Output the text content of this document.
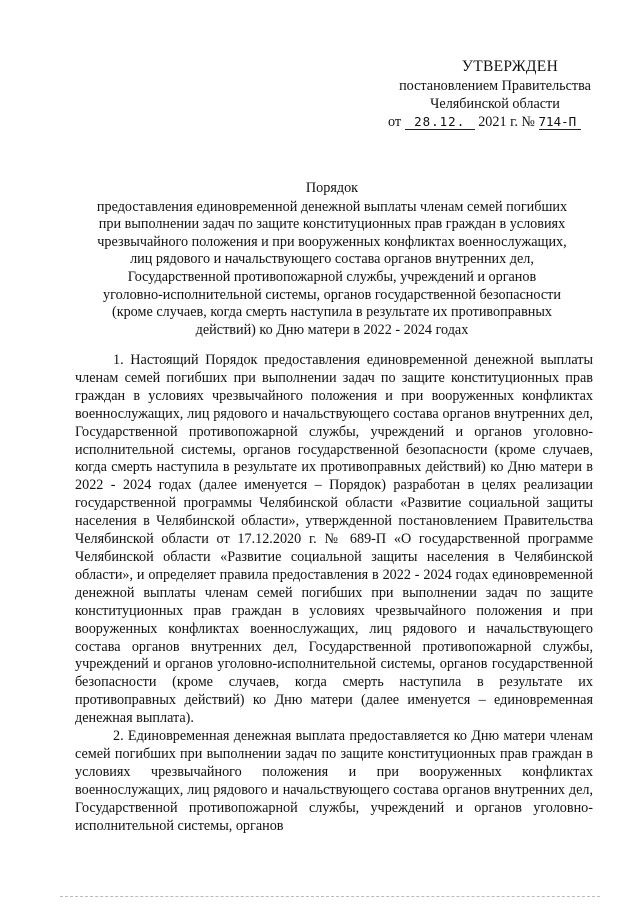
УТВЕРЖДЕН
постановлением Правительства
Челябинской области
от 28.12. 2021 г. № 714-П
Порядок
предоставления единовременной денежной выплаты членам семей погибших
при выполнении задач по защите конституционных прав граждан в условиях
чрезвычайного положения и при вооруженных конфликтах военнослужащих,
лиц рядового и начальствующего состава органов внутренних дел,
Государственной противопожарной службы, учреждений и органов
уголовно-исполнительной системы, органов государственной безопасности
(кроме случаев, когда смерть наступила в результате их противоправных
действий) ко Дню матери в 2022 - 2024 годах

1. Настоящий Порядок предоставления единовременной денежной выплаты членам семей погибших при выполнении задач по защите конституционных прав граждан в условиях чрезвычайного положения и при вооруженных конфликтах военнослужащих, лиц рядового и начальствующего состава органов внутренних дел, Государственной противопожарной службы, учреждений и органов уголовно-исполнительной системы, органов государственной безопасности (кроме случаев, когда смерть наступила в результате их противоправных действий) ко Дню матери в 2022 - 2024 годах (далее именуется – Порядок) разработан в целях реализации государственной программы Челябинской области «Развитие социальной защиты населения в Челябинской области», утвержденной постановлением Правительства Челябинской области от 17.12.2020 г. № 689-П «О государственной программе Челябинской области «Развитие социальной защиты населения в Челябинской области», и определяет правила предоставления в 2022 - 2024 годах единовременной денежной выплаты членам семей погибших при выполнении задач по защите конституционных прав граждан в условиях чрезвычайного положения и при вооруженных конфликтах военнослужащих, лиц рядового и начальствующего состава органов внутренних дел, Государственной противопожарной службы, учреждений и органов уголовно-исполнительной системы, органов государственной безопасности (кроме случаев, когда смерть наступила в результате их противоправных действий) ко Дню матери (далее именуется – единовременная денежная выплата).

2. Единовременная денежная выплата предоставляется ко Дню матери членам семей погибших при выполнении задач по защите конституционных прав граждан в условиях чрезвычайного положения и при вооруженных конфликтах военнослужащих, лиц рядового и начальствующего состава органов внутренних дел, Государственной противопожарной службы, учреждений и органов уголовно-исполнительной системы, органов
